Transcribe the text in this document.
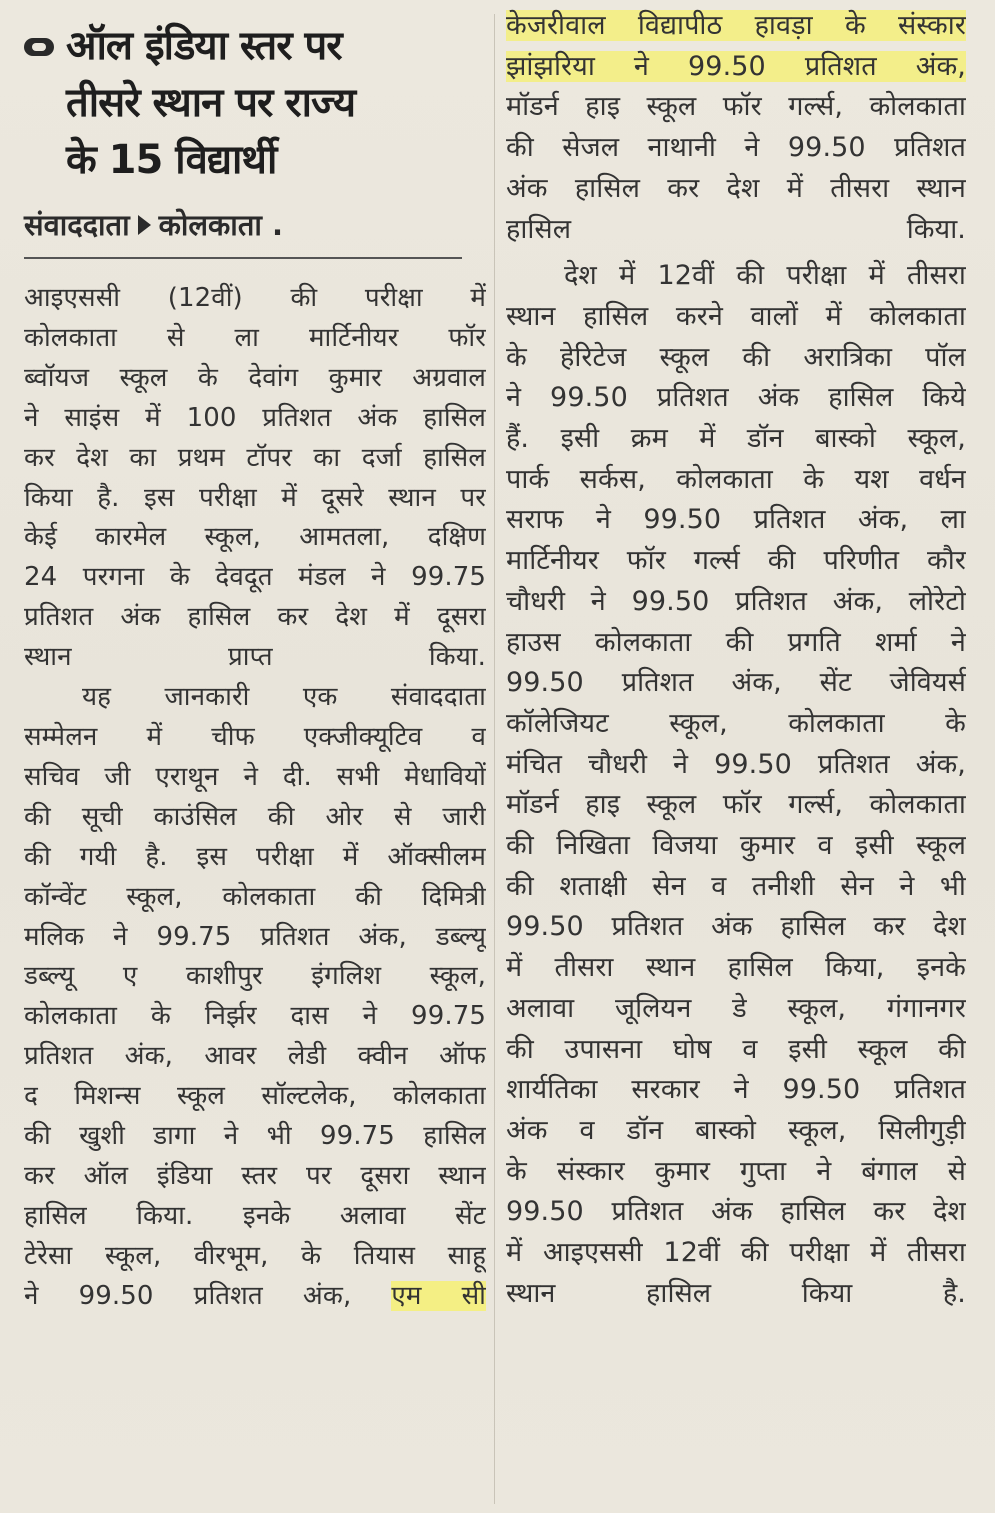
ऑल इंडिया स्तर पर
तीसरे स्थान पर राज्य
के 15 विद्यार्थी
संवाददाता कोलकाता .
आइएससी (12वीं) की परीक्षा में
कोलकाता से ला मार्टिनीयर फॉर
ब्वॉयज स्कूल के देवांग कुमार अग्रवाल
ने साइंस में 100 प्रतिशत अंक हासिल
कर देश का प्रथम टॉपर का दर्जा हासिल
किया है. इस परीक्षा में दूसरे स्थान पर
केई कारमेल स्कूल, आमतला, दक्षिण
24 परगना के देवदूत मंडल ने 99.75
प्रतिशत अंक हासिल कर देश में दूसरा
स्थान प्राप्त किया.
यह जानकारी एक संवाददाता
सम्मेलन में चीफ एक्जीक्यूटिव व
सचिव जी एराथून ने दी. सभी मेधावियों
की सूची काउंसिल की ओर से जारी
की गयी है. इस परीक्षा में ऑक्सीलम
कॉन्वेंट स्कूल, कोलकाता की दिमित्री
मलिक ने 99.75 प्रतिशत अंक, डब्ल्यू
डब्ल्यू ए काशीपुर इंगलिश स्कूल,
कोलकाता के निर्झर दास ने 99.75
प्रतिशत अंक, आवर लेडी क्वीन ऑफ
द मिशन्स स्कूल सॉल्टलेक, कोलकाता
की खुशी डागा ने भी 99.75 हासिल
कर ऑल इंडिया स्तर पर दूसरा स्थान
हासिल किया. इनके अलावा सेंट
टेरेसा स्कूल, वीरभूम, के तियास साहू
ने 99.50 प्रतिशत अंक, एम सी
केजरीवाल विद्यापीठ हावड़ा के संस्कार
झांझरिया ने 99.50 प्रतिशत अंक,
मॉडर्न हाइ स्कूल फॉर गर्ल्स, कोलकाता
की सेजल नाथानी ने 99.50 प्रतिशत
अंक हासिल कर देश में तीसरा स्थान
हासिल किया.
देश में 12वीं की परीक्षा में तीसरा
स्थान हासिल करने वालों में कोलकाता
के हेरिटेज स्कूल की अरात्रिका पॉल
ने 99.50 प्रतिशत अंक हासिल किये
हैं. इसी क्रम में डॉन बास्को स्कूल,
पार्क सर्कस, कोलकाता के यश वर्धन
सराफ ने 99.50 प्रतिशत अंक, ला
मार्टिनीयर फॉर गर्ल्स की परिणीत कौर
चौधरी ने 99.50 प्रतिशत अंक, लोरेटो
हाउस कोलकाता की प्रगति शर्मा ने
99.50 प्रतिशत अंक, सेंट जेवियर्स
कॉलेजियट स्कूल, कोलकाता के
मंचित चौधरी ने 99.50 प्रतिशत अंक,
मॉडर्न हाइ स्कूल फॉर गर्ल्स, कोलकाता
की निखिता विजया कुमार व इसी स्कूल
की शताक्षी सेन व तनीशी सेन ने भी
99.50 प्रतिशत अंक हासिल कर देश
में तीसरा स्थान हासिल किया, इनके
अलावा जूलियन डे स्कूल, गंगानगर
की उपासना घोष व इसी स्कूल की
शार्यतिका सरकार ने 99.50 प्रतिशत
अंक व डॉन बास्को स्कूल, सिलीगुड़ी
के संस्कार कुमार गुप्ता ने बंगाल से
99.50 प्रतिशत अंक हासिल कर देश
में आइएससी 12वीं की परीक्षा में तीसरा
स्थान हासिल किया है.
